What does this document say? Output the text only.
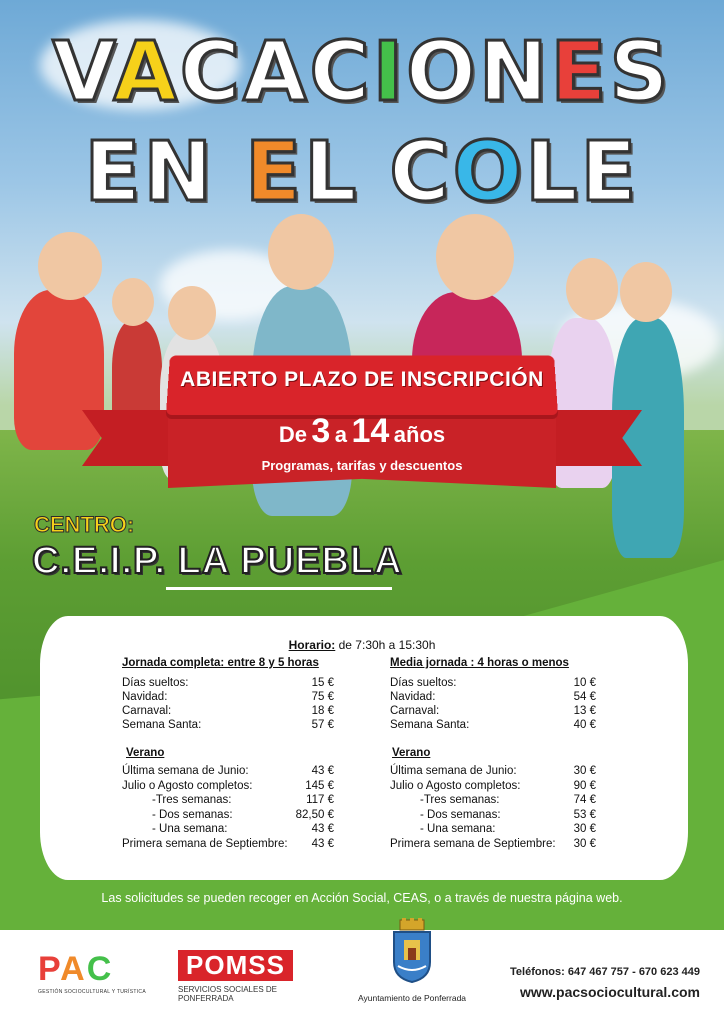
VACACIONES
EN EL COLE
ABIERTO PLAZO DE INSCRIPCIÓN
De 3 a 14 años
Programas, tarifas y descuentos
CENTRO:
C.E.I.P. LA PUEBLA
Horario: de 7:30h a 15:30h
Jornada completa: entre 8 y 5 horas
Días sueltos:	15 €
Navidad:	75 €
Carnaval:	18 €
Semana Santa:	57 €
Verano
Última semana de Junio:	43 €
Julio o Agosto completos:	145 €
-Tres semanas:	117 €
- Dos semanas:	82,50 €
- Una semana:	43 €
Primera semana de Septiembre: 43 €
Media jornada : 4 horas o menos
Días sueltos:	10 €
Navidad:	54 €
Carnaval:	13 €
Semana Santa:	40 €
Verano
Última semana de Junio:	30 €
Julio o Agosto completos:	90 €
-Tres semanas:	74 €
- Dos semanas:	53 €
- Una semana:	30 €
Primera semana de Septiembre: 30 €
Las solicitudes se pueden recoger en Acción Social, CEAS, o a través de nuestra página web.
PAC
GESTIÓN SOCIOCULTURAL Y TURÍSTICA
POMSS
SERVICIOS SOCIALES DE PONFERRADA	Ayuntamiento de Ponferrada
Teléfonos: 647 467 757 - 670 623 449
www.pacsociocultural.com
